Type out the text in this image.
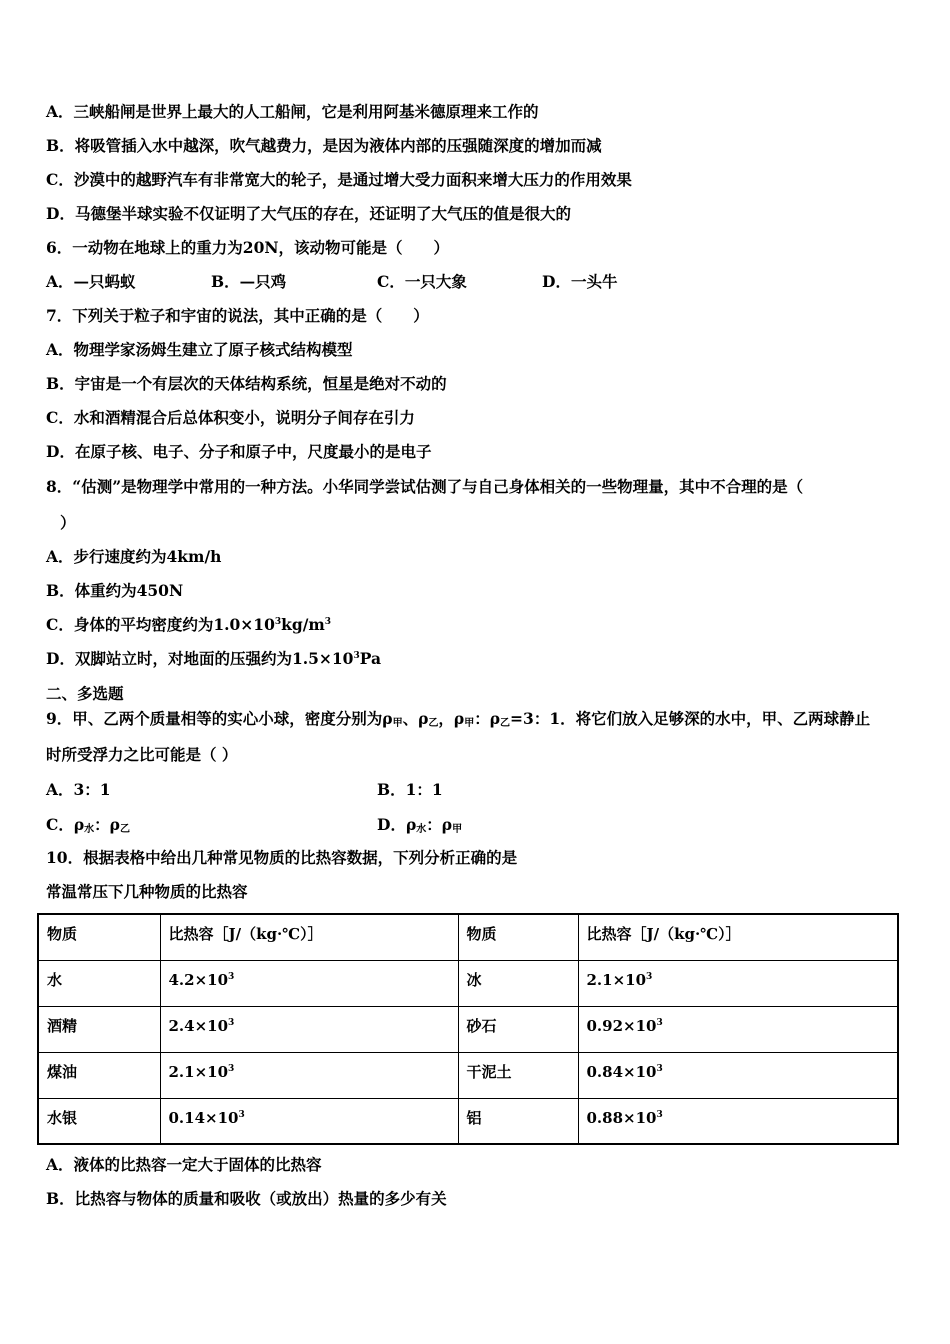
A．三峡船闸是世界上最大的人工船闸，它是利用阿基米德原理来工作的
B．将吸管插入水中越深，吹气越费力，是因为液体内部的压强随深度的增加而减
C．沙漠中的越野汽车有非常宽大的轮子，是通过增大受力面积来增大压力的作用效果
D．马德堡半球实验不仅证明了大气压的存在，还证明了大气压的值是很大的
6．一动物在地球上的重力为20N，该动物可能是（　　）
A．—只蚂蚁	B．—只鸡	C．一只大象	D．一头牛
7．下列关于粒子和宇宙的说法，其中正确的是（　　）
A．物理学家汤姆生建立了原子核式结构模型
B．宇宙是一个有层次的天体结构系统，恒星是绝对不动的
C．水和酒精混合后总体积变小，说明分子间存在引力
D．在原子核、电子、分子和原子中，尺度最小的是电子
8．“估测”是物理学中常用的一种方法。小华同学尝试估测了与自己身体相关的一些物理量，其中不合理的是（
）
A．步行速度约为4km/h
B．体重约为450N
C．身体的平均密度约为$1.0\times 10^3kg/m^3$
D．双脚站立时，对地面的压强约为$1.5\times 10^3Pa$
二、多选题
9．甲、乙两个质量相等的实心小球，密度分别为$\rho_甲$、$\rho_乙$，$\rho_甲$：$\rho_乙=3$：1．将它们放入足够深的水中，甲、乙两球静止
时所受浮力之比可能是（ ）
A．3：1	B．1：1
C．$\rho_水$：$\rho_乙$	D．$\rho_水$：$\rho_甲$
10．根据表格中给出几种常见物质的比热容数据，下列分析正确的是
常温常压下几种物质的比热容
物质	比热容［J/（kg·℃）］	物质	比热容［J/（kg·℃）］
水	$4.2\times 10^3$	冰	$2.1\times 10^3$
酒精	$2.4\times 10^3$	砂石	$0.92\times 10^3$
煤油	$2.1\times 10^3$	干泥土	$0.84\times 10^3$
水银	$0.14\times 10^3$	铝	$0.88\times 10^3$
A．液体的比热容一定大于固体的比热容
B．比热容与物体的质量和吸收（或放出）热量的多少有关
